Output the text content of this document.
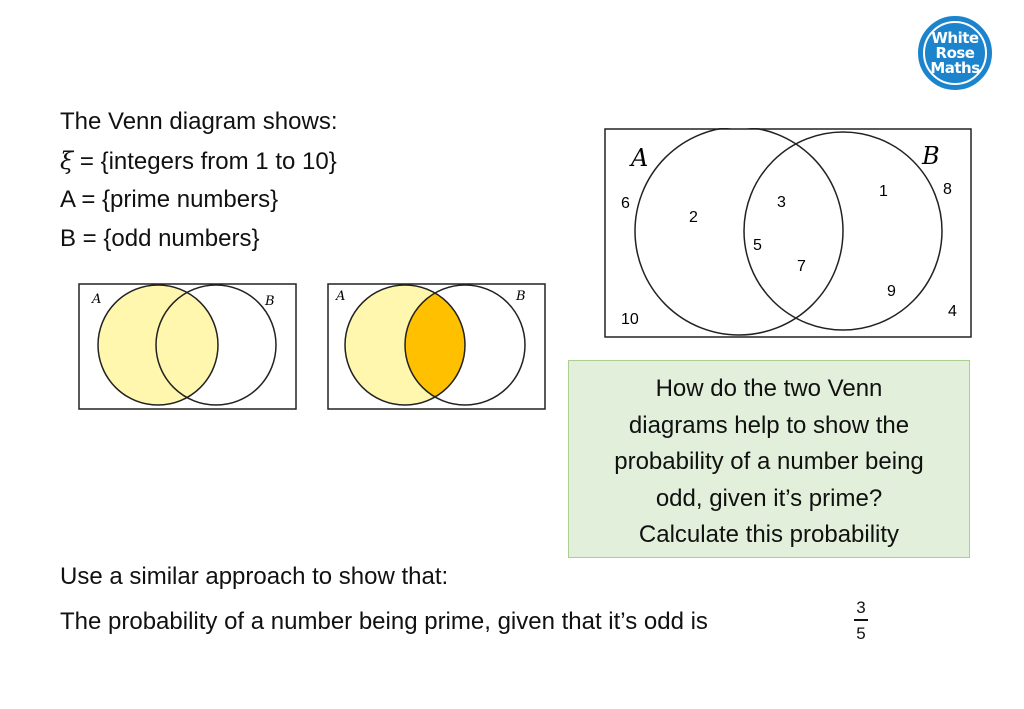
White
Rose
Maths
The Venn diagram shows:
ξ = {integers from 1 to 10}
A = {prime numbers}
B = {odd numbers}
A	B	A	B
A	B
2
3
5
7
1
9
6
8
4
10
How do the two Venn
diagrams help to show the
probability of a number being
odd, given it’s prime?
Calculate this probability
Use a similar approach to show that:
The probability of a number being prime, given that it’s odd is
3
5
